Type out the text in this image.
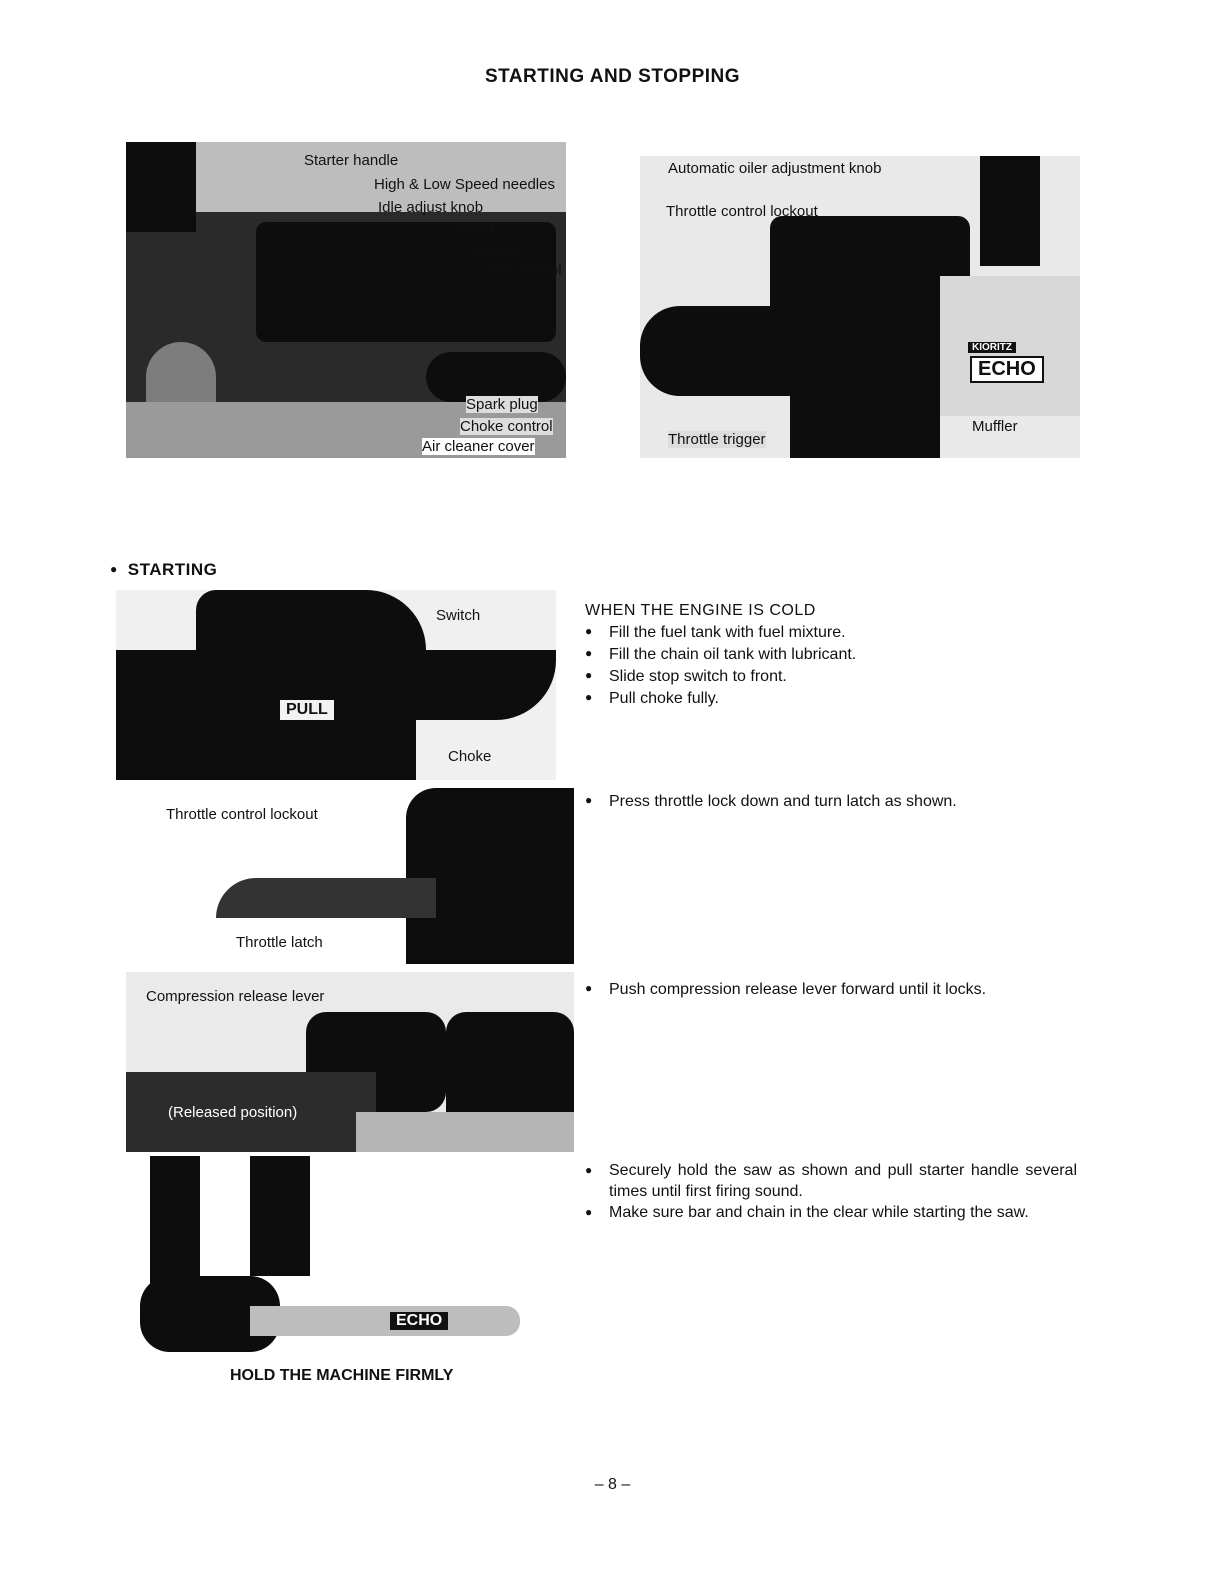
STARTING AND STOPPING
Starter handle
High & Low Speed needles
Idle adjust knob
Switch
Manual
oiler control
Spark plug
Choke control
Air cleaner cover
KIORITZ
ECHO
Automatic oiler adjustment knob
Throttle control lockout
Throttle trigger
Muffler
● STARTING
PULL
Switch
Choke
Throttle control lockout
Throttle latch
Compression release lever
(Released position)
ECHO
HOLD THE MACHINE FIRMLY
WHEN THE ENGINE IS COLD
● Fill the fuel tank with fuel mixture.
● Fill the chain oil tank with lubricant.
● Slide stop switch to front.
● Pull choke fully.
● Press throttle lock down and turn latch as shown.
● Push compression release lever forward until it locks.
●	Securely hold the saw as shown and pull starter handle several times until first firing sound.
●	Make sure bar and chain in the clear while starting the saw.
– 8 –
